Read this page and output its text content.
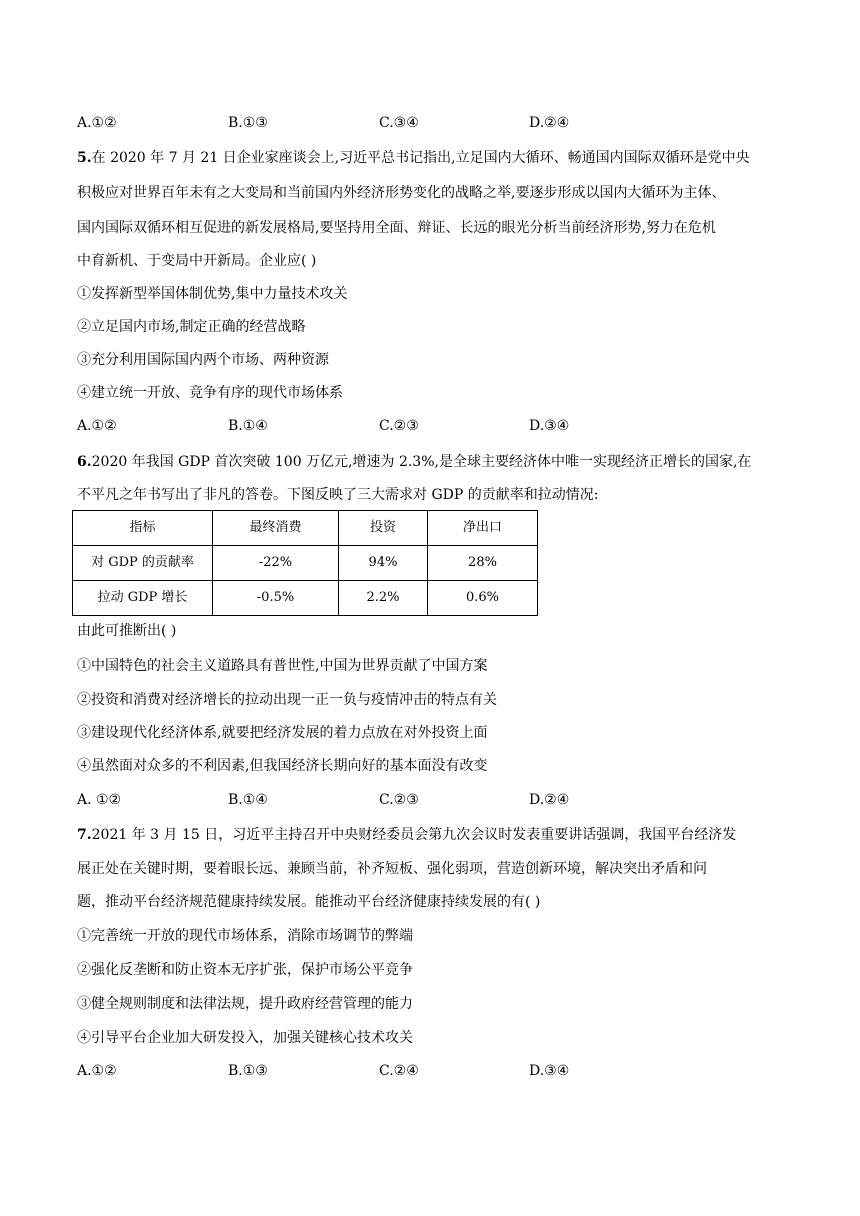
A.①②	B.①③	C.③④	D.②④
5.在 2020 年 7 月 21 日企业家座谈会上,习近平总书记指出,立足国内大循环、畅通国内国际双循环是党中央
积极应对世界百年未有之大变局和当前国内外经济形势变化的战略之举,要逐步形成以国内大循环为主体、
国内国际双循环相互促进的新发展格局,要坚持用全面、辩证、长远的眼光分析当前经济形势,努力在危机
中育新机、于变局中开新局。企业应( )
①发挥新型举国体制优势,集中力量技术攻关
②立足国内市场,制定正确的经营战略
③充分利用国际国内两个市场、两种资源
④建立统一开放、竞争有序的现代市场体系
A.①②	B.①④	C.②③	D.③④
6.2020 年我国 GDP 首次突破 100 万亿元,增速为 2.3%,是全球主要经济体中唯一实现经济正增长的国家,在
不平凡之年书写出了非凡的答卷。下图反映了三大需求对 GDP 的贡献率和拉动情况:
指标	最终消费	投资	净出口
对 GDP 的贡献率	-22%	94%	28%
拉动 GDP 增长	-0.5%	2.2%	0.6%
由此可推断出( )
①中国特色的社会主义道路具有普世性,中国为世界贡献了中国方案
②投资和消费对经济增长的拉动出现一正一负与疫情冲击的特点有关
③建设现代化经济体系,就要把经济发展的着力点放在对外投资上面
④虽然面对众多的不利因素,但我国经济长期向好的基本面没有改变
A. ①②	B.①④	C.②③	D.②④
7.2021 年 3 月 15 日，习近平主持召开中央财经委员会第九次会议时发表重要讲话强调，我国平台经济发
展正处在关键时期，要着眼长远、兼顾当前，补齐短板、强化弱项，营造创新环境，解决突出矛盾和问
题，推动平台经济规范健康持续发展。能推动平台经济健康持续发展的有( )
①完善统一开放的现代市场体系，消除市场调节的弊端
②强化反垄断和防止资本无序扩张，保护市场公平竞争
③健全规则制度和法律法规，提升政府经营管理的能力
④引导平台企业加大研发投入，加强关键核心技术攻关
A.①②	B.①③	C.②④	D.③④
